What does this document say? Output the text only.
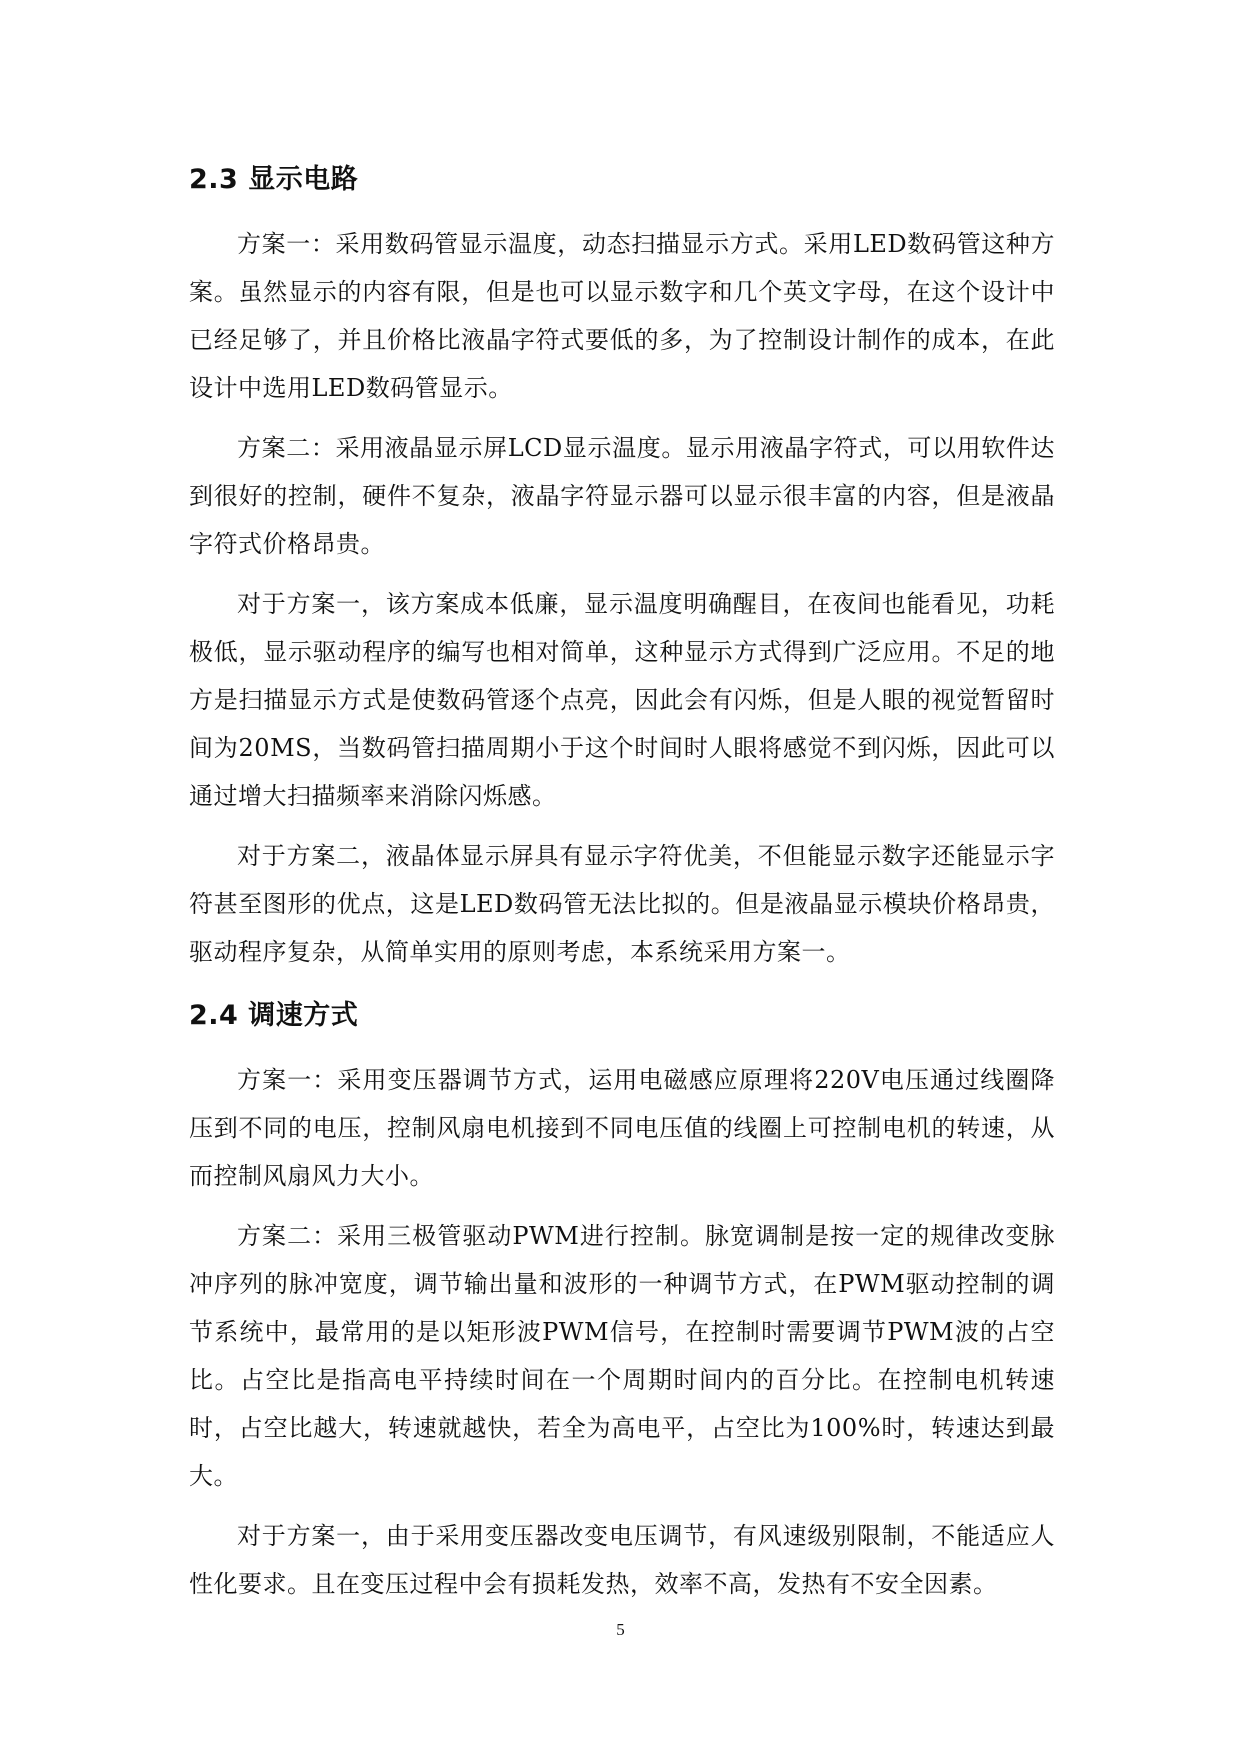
2.3 显示电路

方案一：采用数码管显示温度，动态扫描显示方式。采用LED数码管这种方案。虽然显示的内容有限，但是也可以显示数字和几个英文字母，在这个设计中已经足够了，并且价格比液晶字符式要低的多，为了控制设计制作的成本，在此设计中选用LED数码管显示。

方案二：采用液晶显示屏LCD显示温度。显示用液晶字符式，可以用软件达到很好的控制，硬件不复杂，液晶字符显示器可以显示很丰富的内容，但是液晶字符式价格昂贵。

对于方案一，该方案成本低廉，显示温度明确醒目，在夜间也能看见，功耗极低，显示驱动程序的编写也相对简单，这种显示方式得到广泛应用。不足的地方是扫描显示方式是使数码管逐个点亮，因此会有闪烁，但是人眼的视觉暂留时间为20MS，当数码管扫描周期小于这个时间时人眼将感觉不到闪烁，因此可以通过增大扫描频率来消除闪烁感。

对于方案二，液晶体显示屏具有显示字符优美，不但能显示数字还能显示字符甚至图形的优点，这是LED数码管无法比拟的。但是液晶显示模块价格昂贵，驱动程序复杂，从简单实用的原则考虑，本系统采用方案一。

2.4 调速方式

方案一：采用变压器调节方式，运用电磁感应原理将220V电压通过线圈降压到不同的电压，控制风扇电机接到不同电压值的线圈上可控制电机的转速，从而控制风扇风力大小。

方案二：采用三极管驱动PWM进行控制。脉宽调制是按一定的规律改变脉冲序列的脉冲宽度，调节输出量和波形的一种调节方式，在PWM驱动控制的调节系统中，最常用的是以矩形波PWM信号，在控制时需要调节PWM波的占空比。占空比是指高电平持续时间在一个周期时间内的百分比。在控制电机转速时，占空比越大，转速就越快，若全为高电平，占空比为100%时，转速达到最大。

对于方案一，由于采用变压器改变电压调节，有风速级别限制，不能适应人性化要求。且在变压过程中会有损耗发热，效率不高，发热有不安全因素。

5
